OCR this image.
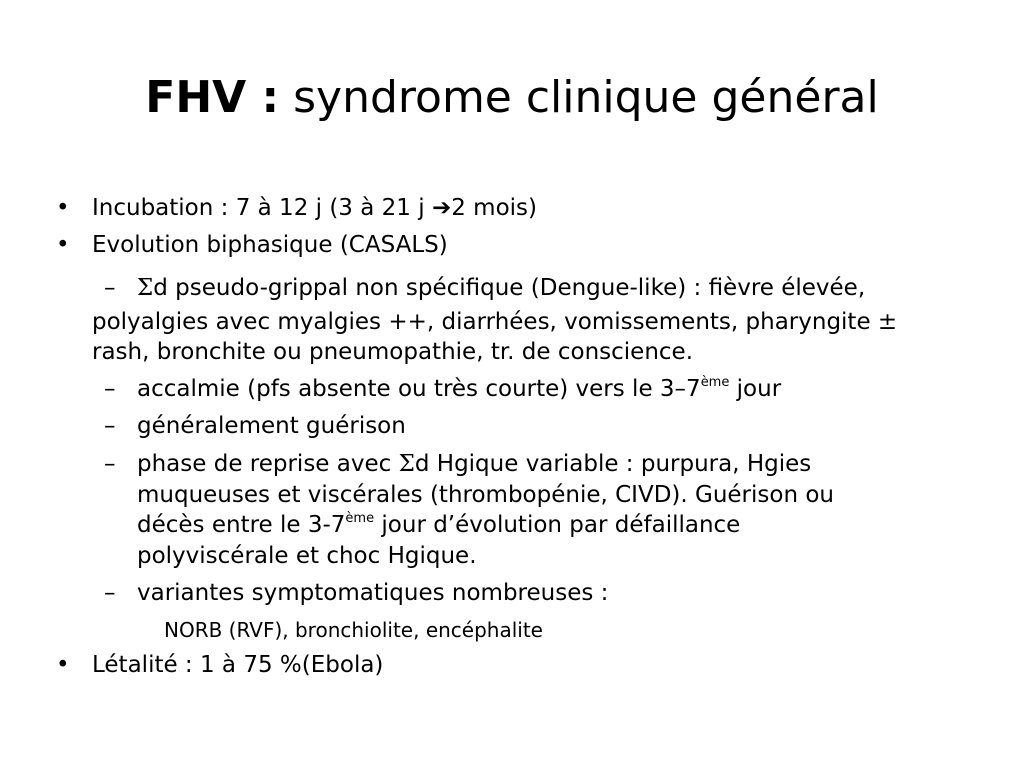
FHV : syndrome clinique général
• Incubation : 7 à 12 j (3 à 21 j ➔2 mois)
• Evolution biphasique (CASALS)
– Σd pseudo-grippal non spécifique (Dengue-like) : fièvre élevée,
polyalgies avec myalgies ++, diarrhées, vomissements, pharyngite ±
rash, bronchite ou pneumopathie, tr. de conscience.
– accalmie (pfs absente ou très courte) vers le 3–7ème jour
– généralement guérison
– phase de reprise avec Σd Hgique variable : purpura, Hgies
muqueuses et viscérales (thrombopénie, CIVD). Guérison ou
décès entre le 3-7ème jour d’évolution par défaillance
polyviscérale et choc Hgique.
– variantes symptomatiques nombreuses :
NORB (RVF), bronchiolite, encéphalite
• Létalité : 1 à 75 %(Ebola)
